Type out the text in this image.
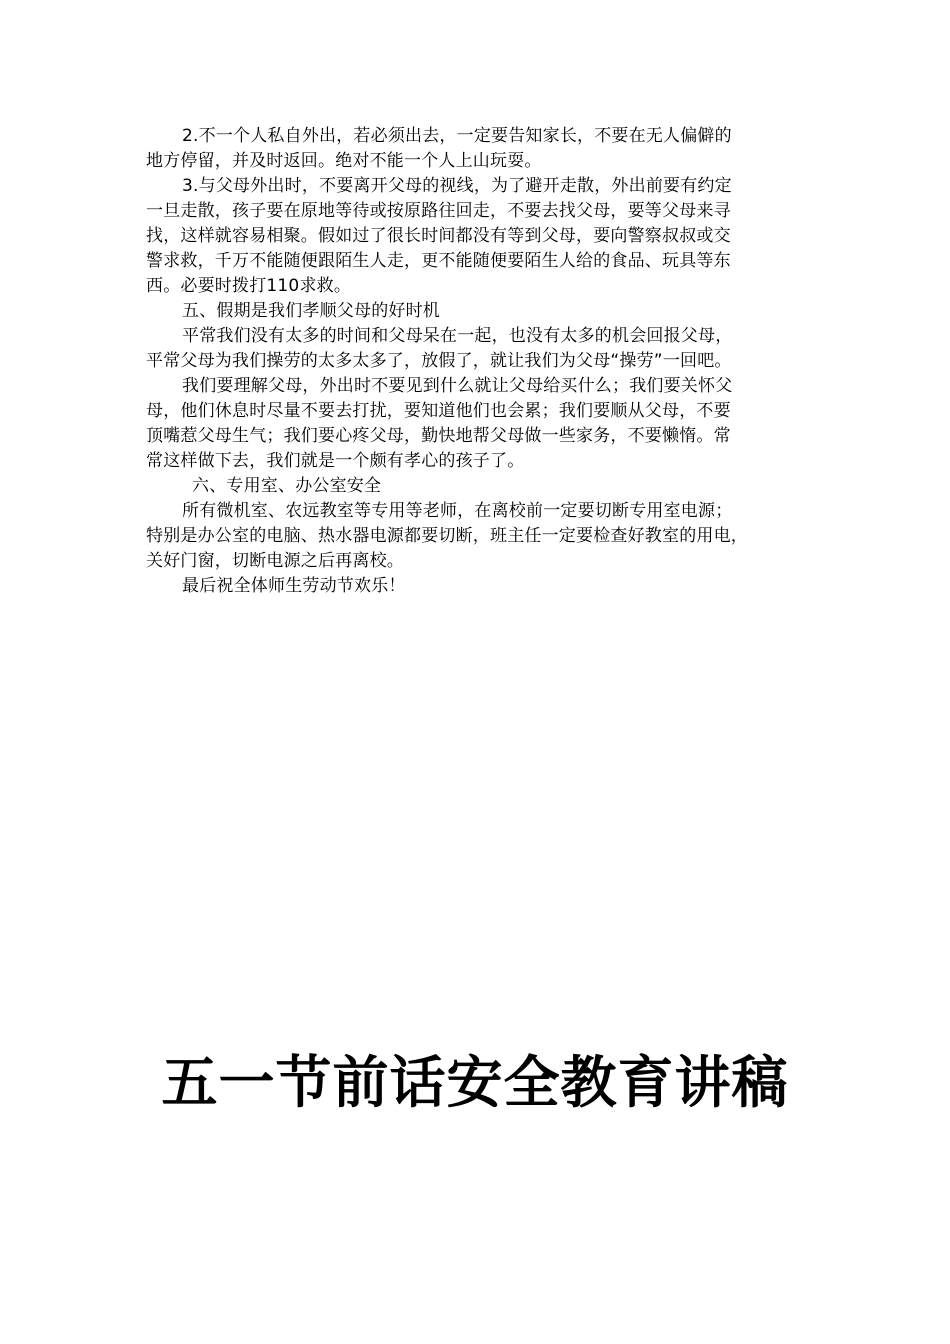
2.不一个人私自外出，若必须出去，一定要告知家长，不要在无人偏僻的
地方停留，并及时返回。绝对不能一个人上山玩耍。
3.与父母外出时，不要离开父母的视线，为了避开走散，外出前要有约定
一旦走散，孩子要在原地等待或按原路往回走，不要去找父母，要等父母来寻
找，这样就容易相聚。假如过了很长时间都没有等到父母，要向警察叔叔或交
警求救，千万不能随便跟陌生人走，更不能随便要陌生人给的食品、玩具等东
西。必要时拨打110求救。
五、假期是我们孝顺父母的好时机
平常我们没有太多的时间和父母呆在一起，也没有太多的机会回报父母，
平常父母为我们操劳的太多太多了，放假了，就让我们为父母“操劳”一回吧。
我们要理解父母，外出时不要见到什么就让父母给买什么；我们要关怀父
母，他们休息时尽量不要去打扰，要知道他们也会累；我们要顺从父母，不要
顶嘴惹父母生气；我们要心疼父母，勤快地帮父母做一些家务，不要懒惰。常
常这样做下去，我们就是一个颇有孝心的孩子了。
六、专用室、办公室安全
所有微机室、农远教室等专用等老师，在离校前一定要切断专用室电源；
特别是办公室的电脑、热水器电源都要切断，班主任一定要检查好教室的用电，
关好门窗，切断电源之后再离校。
最后祝全体师生劳动节欢乐！
五一节前话安全教育讲稿
